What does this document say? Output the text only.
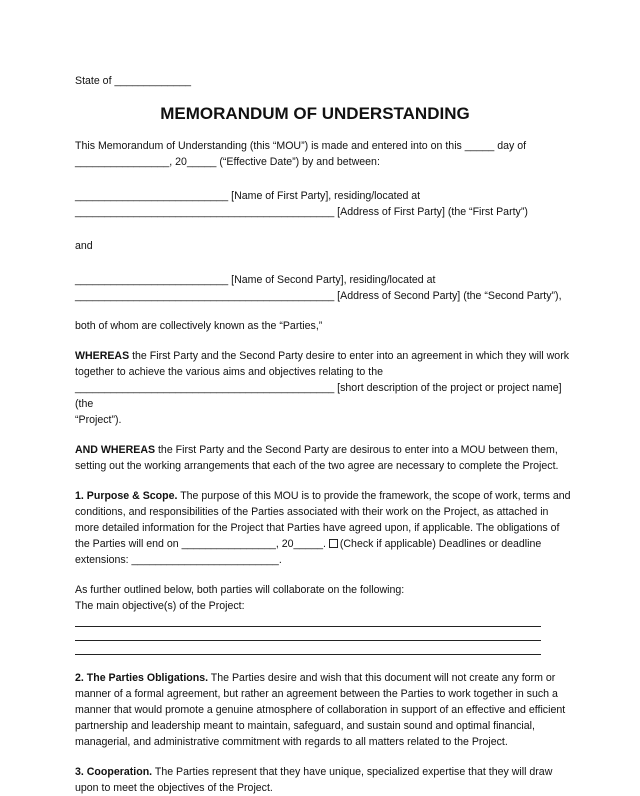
State of _____________

MEMORANDUM OF UNDERSTANDING

This Memorandum of Understanding (this “MOU”) is made and entered into on this _____ day of

________________, 20_____ (“Effective Date”) by and between:

__________________________ [Name of First Party], residing/located at

____________________________________________ [Address of First Party] (the “First Party”)

and

__________________________ [Name of Second Party], residing/located at

____________________________________________ [Address of Second Party] (the “Second Party”),

both of whom are collectively known as the “Parties,”

WHEREAS the First Party and the Second Party desire to enter into an agreement in which they will work

together to achieve the various aims and objectives relating to the

____________________________________________ [short description of the project or project name] (the

“Project”).

AND WHEREAS the First Party and the Second Party are desirous to enter into a MOU between them,

setting out the working arrangements that each of the two agree are necessary to complete the Project.

1. Purpose & Scope. The purpose of this MOU is to provide the framework, the scope of work, terms and

conditions, and responsibilities of the Parties associated with their work on the Project, as attached in

more detailed information for the Project that Parties have agreed upon, if applicable. The obligations of

the Parties will end on ________________, 20_____. (Check if applicable) Deadlines or deadline

extensions: _________________________.

As further outlined below, both parties will collaborate on the following:

The main objective(s) of the Project:

2. The Parties Obligations. The Parties desire and wish that this document will not create any form or

manner of a formal agreement, but rather an agreement between the Parties to work together in such a

manner that would promote a genuine atmosphere of collaboration in support of an effective and efficient

partnership and leadership meant to maintain, safeguard, and sustain sound and optimal financial,

managerial, and administrative commitment with regards to all matters related to the Project.

3. Cooperation. The Parties represent that they have unique, specialized expertise that they will draw

upon to meet the objectives of the Project.
